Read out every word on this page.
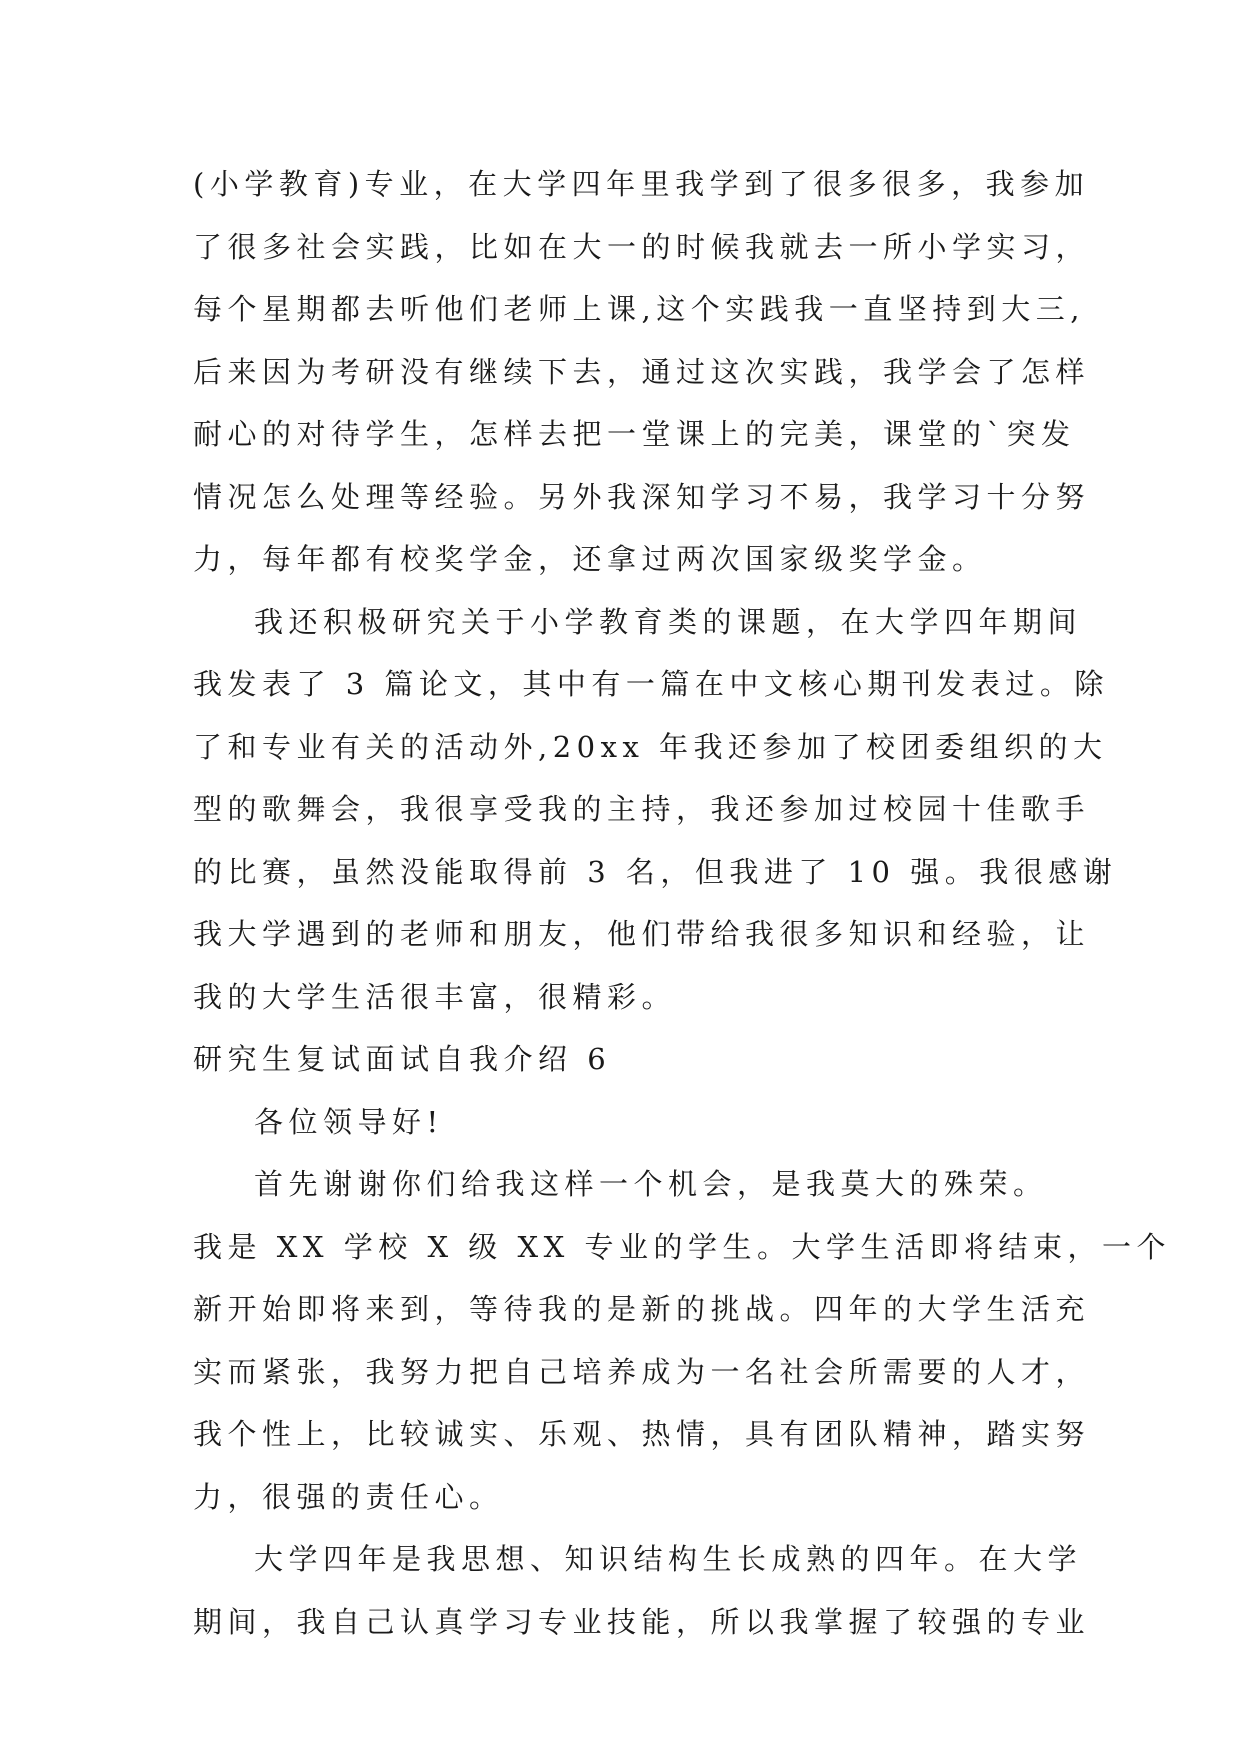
(小学教育)专业，在大学四年里我学到了很多很多，我参加
了很多社会实践，比如在大一的时候我就去一所小学实习，
每个星期都去听他们老师上课,这个实践我一直坚持到大三,
后来因为考研没有继续下去，通过这次实践，我学会了怎样
耐心的对待学生，怎样去把一堂课上的完美，课堂的`突发
情况怎么处理等经验。另外我深知学习不易，我学习十分努
力，每年都有校奖学金，还拿过两次国家级奖学金。
我还积极研究关于小学教育类的课题，在大学四年期间
我发表了 3 篇论文，其中有一篇在中文核心期刊发表过。除
了和专业有关的活动外,20xx 年我还参加了校团委组织的大
型的歌舞会，我很享受我的主持，我还参加过校园十佳歌手
的比赛，虽然没能取得前 3 名，但我进了 10 强。我很感谢
我大学遇到的老师和朋友，他们带给我很多知识和经验，让
我的大学生活很丰富，很精彩。
研究生复试面试自我介绍 6
各位领导好!
首先谢谢你们给我这样一个机会，是我莫大的殊荣。
我是 XX 学校 X 级 XX 专业的学生。大学生活即将结束，一个
新开始即将来到，等待我的是新的挑战。四年的大学生活充
实而紧张，我努力把自己培养成为一名社会所需要的人才，
我个性上，比较诚实、乐观、热情，具有团队精神，踏实努
力，很强的责任心。
大学四年是我思想、知识结构生长成熟的四年。在大学
期间，我自己认真学习专业技能，所以我掌握了较强的专业
